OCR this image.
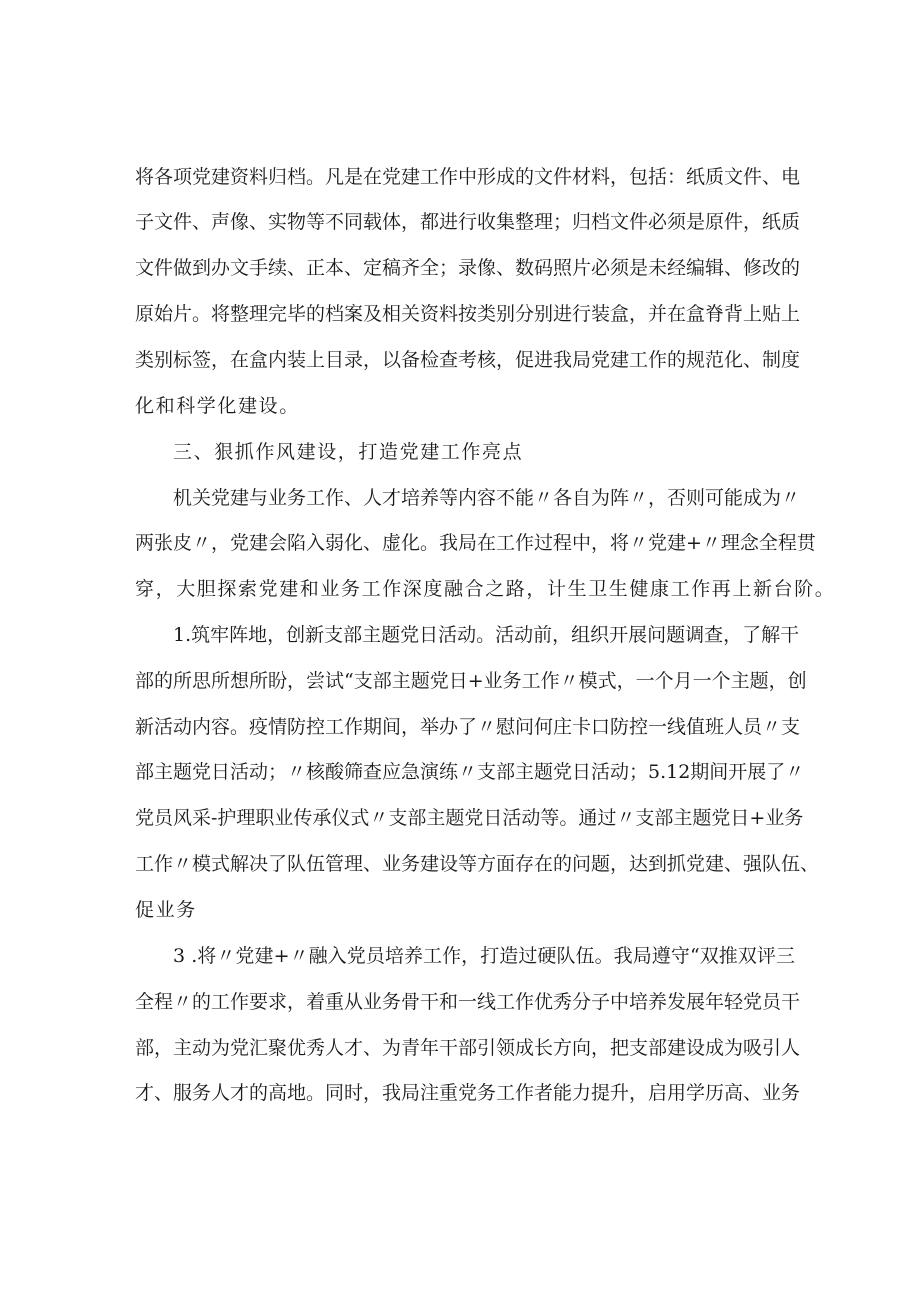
将各项党建资料归档。凡是在党建工作中形成的文件材料，包括：纸质文件、电
子文件、声像、实物等不同载体，都进行收集整理；归档文件必须是原件，纸质
文件做到办文手续、正本、定稿齐全；录像、数码照片必须是未经编辑、修改的
原始片。将整理完毕的档案及相关资料按类别分别进行装盒，并在盒脊背上贴上
类别标签，在盒内装上目录，以备检查考核，促进我局党建工作的规范化、制度
化和科学化建设。
三、狠抓作风建设，打造党建工作亮点
机关党建与业务工作、人才培养等内容不能〃各自为阵〃，否则可能成为〃
两张皮〃，党建会陷入弱化、虚化。我局在工作过程中，将〃党建+〃理念全程贯
穿，大胆探索党建和业务工作深度融合之路，计生卫生健康工作再上新台阶。
1.筑牢阵地，创新支部主题党日活动。活动前，组织开展问题调查，了解干
部的所思所想所盼，尝试“支部主题党日+业务工作〃模式，一个月一个主题，创
新活动内容。疫情防控工作期间，举办了〃慰问何庄卡口防控一线值班人员〃支
部主题党日活动；〃核酸筛查应急演练〃支部主题党日活动；5.12期间开展了〃
党员风采-护理职业传承仪式〃支部主题党日活动等。通过〃支部主题党日+业务
工作〃模式解决了队伍管理、业务建设等方面存在的问题，达到抓党建、强队伍、
促业务
3 .将〃党建+〃融入党员培养工作，打造过硬队伍。我局遵守“双推双评三
全程〃的工作要求，着重从业务骨干和一线工作优秀分子中培养发展年轻党员干
部，主动为党汇聚优秀人才、为青年干部引领成长方向，把支部建设成为吸引人
才、服务人才的高地。同时，我局注重党务工作者能力提升，启用学历高、业务
